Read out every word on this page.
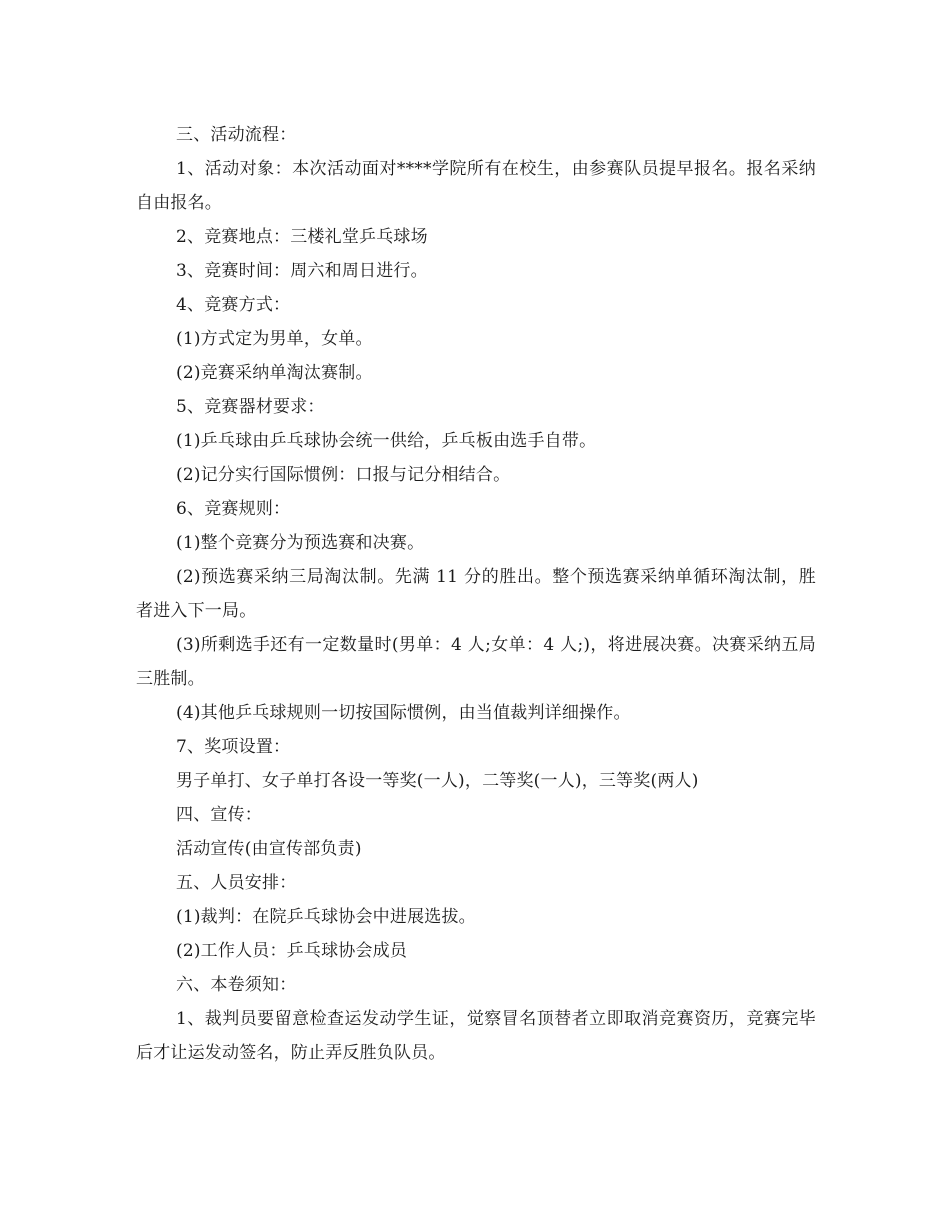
三、活动流程：
1、活动对象：本次活动面对****学院所有在校生，由参赛队员提早报名。报名采纳自由报名。
2、竞赛地点：三楼礼堂乒乓球场
3、竞赛时间：周六和周日进行。
4、竞赛方式：
(1)方式定为男单，女单。
(2)竞赛采纳单淘汰赛制。
5、竞赛器材要求：
(1)乒乓球由乒乓球协会统一供给，乒乓板由选手自带。
(2)记分实行国际惯例：口报与记分相结合。
6、竞赛规则：
(1)整个竞赛分为预选赛和决赛。
(2)预选赛采纳三局淘汰制。先满 11 分的胜出。整个预选赛采纳单循环淘汰制，胜者进入下一局。
(3)所剩选手还有一定数量时(男单：4 人;女单：4 人;)，将进展决赛。决赛采纳五局三胜制。
(4)其他乒乓球规则一切按国际惯例，由当值裁判详细操作。
7、奖项设置：
男子单打、女子单打各设一等奖(一人)，二等奖(一人)，三等奖(两人)
四、宣传：
活动宣传(由宣传部负责)
五、人员安排：
(1)裁判：在院乒乓球协会中进展选拔。
(2)工作人员：乒乓球协会成员
六、本卷须知：
1、裁判员要留意检查运发动学生证，觉察冒名顶替者立即取消竞赛资历，竞赛完毕后才让运发动签名，防止弄反胜负队员。
